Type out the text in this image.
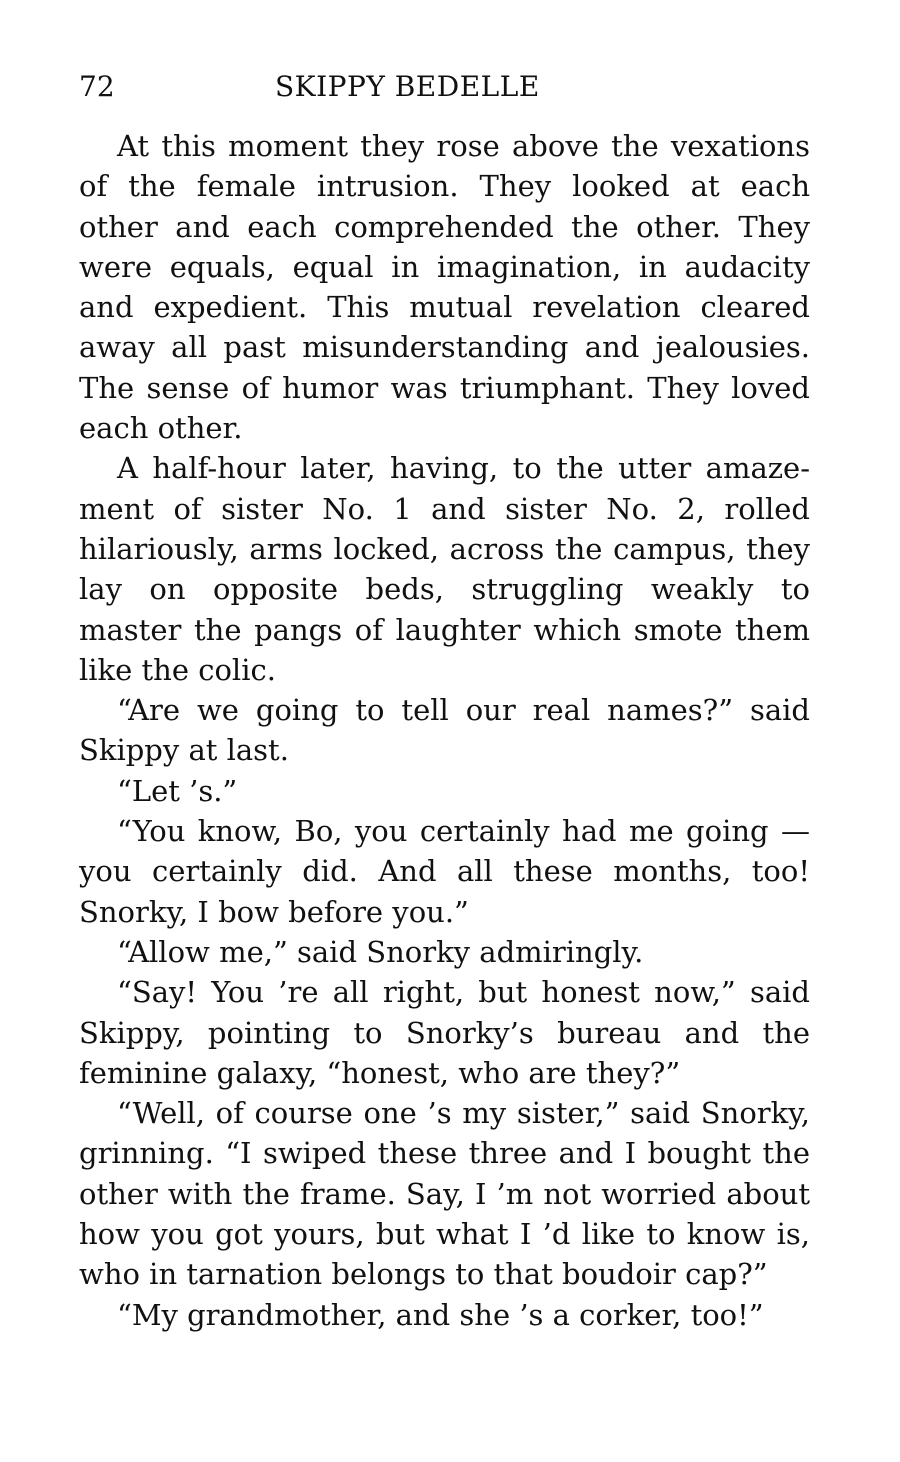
72	SKIPPY BEDELLE

At this moment they rose above the vexations of the female intrusion. They looked at each other and each comprehended the other. They were equals, equal in imagination, in audacity and expedient. This mutual revelation cleared away all past misunderstanding and jealousies. The sense of humor was triumphant. They loved each other.

A half-hour later, having, to the utter amazement of sister No. 1 and sister No. 2, rolled hilariously, arms locked, across the campus, they lay on opposite beds, struggling weakly to master the pangs of laughter which smote them like the colic.

“Are we going to tell our real names?” said Skippy at last.

“Let ’s.”

“You know, Bo, you certainly had me going —you certainly did. And all these months, too! Snorky, I bow before you.”

“Allow me,” said Snorky admiringly.

“Say! You ’re all right, but honest now,” said Skippy, pointing to Snorky’s bureau and the feminine galaxy, “honest, who are they?”

“Well, of course one ’s my sister,” said Snorky, grinning. “I swiped these three and I bought the other with the frame. Say, I ’m not worried about how you got yours, but what I ’d like to know is, who in tarnation belongs to that boudoir cap?”

“My grandmother, and she ’s a corker, too!”
